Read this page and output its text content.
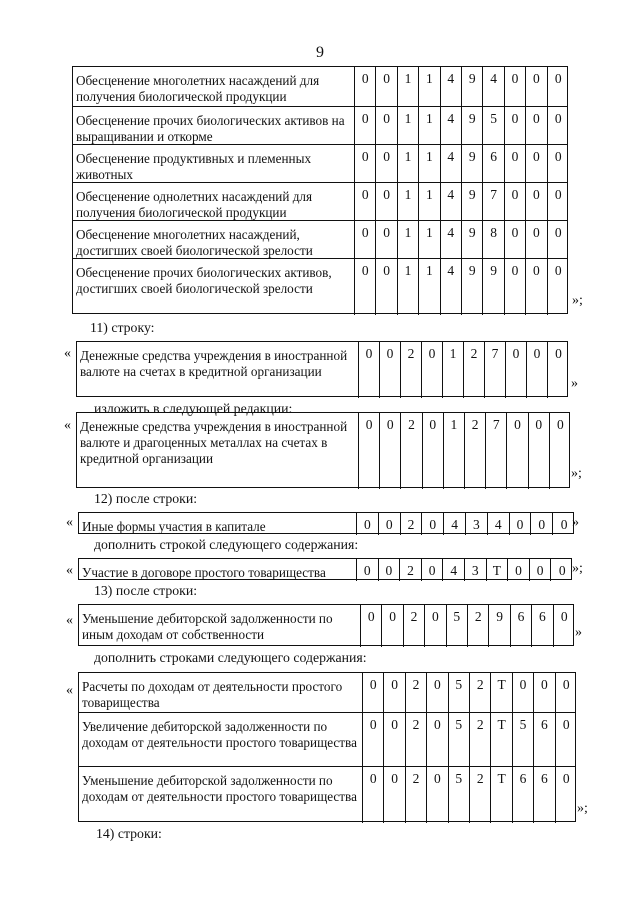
9
Обесценение многолетних насаждений для получения биологической продукции
0	0	1	1	4	9	4	0	0	0
Обесценение прочих биологических активов на выращивании и откорме
0	0	1	1	4	9	5	0	0	0
Обесценение продуктивных и племенных животных
0	0	1	1	4	9	6	0	0	0
Обесценение однолетних насаждений для получения биологической продукции
0	0	1	1	4	9	7	0	0	0
Обесценение многолетних насаждений, достигших своей биологической зрелости
0	0	1	1	4	9	8	0	0	0
Обесценение прочих биологических активов, достигших своей биологической зрелости
0	0	1	1	4	9	9	0	0	0
»;
Денежные средства учреждения в иностранной валюте на счетах в кредитной организации
0	0	2	0	1	2	7	0	0	0
«
»
Денежные средства учреждения в иностранной валюте и драгоценных металлах на счетах в кредитной организации
0	0	2	0	1	2	7	0	0	0
«
»;
Иные формы участия в капитале	0	0	2	0	4	3	4	0	0	0
«	»
Участие в договоре простого товарищества	0	0	2	0	4	3	Т	0	0	0
«	»;
Уменьшение дебиторской задолженности по иным доходам от собственности
0	0	2	0	5	2	9	6	6	0
«
»
Расчеты по доходам от деятельности простого товарищества
0	0	2	0	5	2	Т	0	0	0
Увеличение дебиторской задолженности по доходам от деятельности простого товарищества
0	0	2	0	5	2	Т	5	6	0
Уменьшение дебиторской задолженности по доходам от деятельности простого товарищества
0	0	2	0	5	2	Т	6	6	0
«
»;
11) строку:
изложить в следующей редакции:
12) после строки:
дополнить строкой следующего содержания:
13) после строки:
дополнить строками следующего содержания:
14) строки:
